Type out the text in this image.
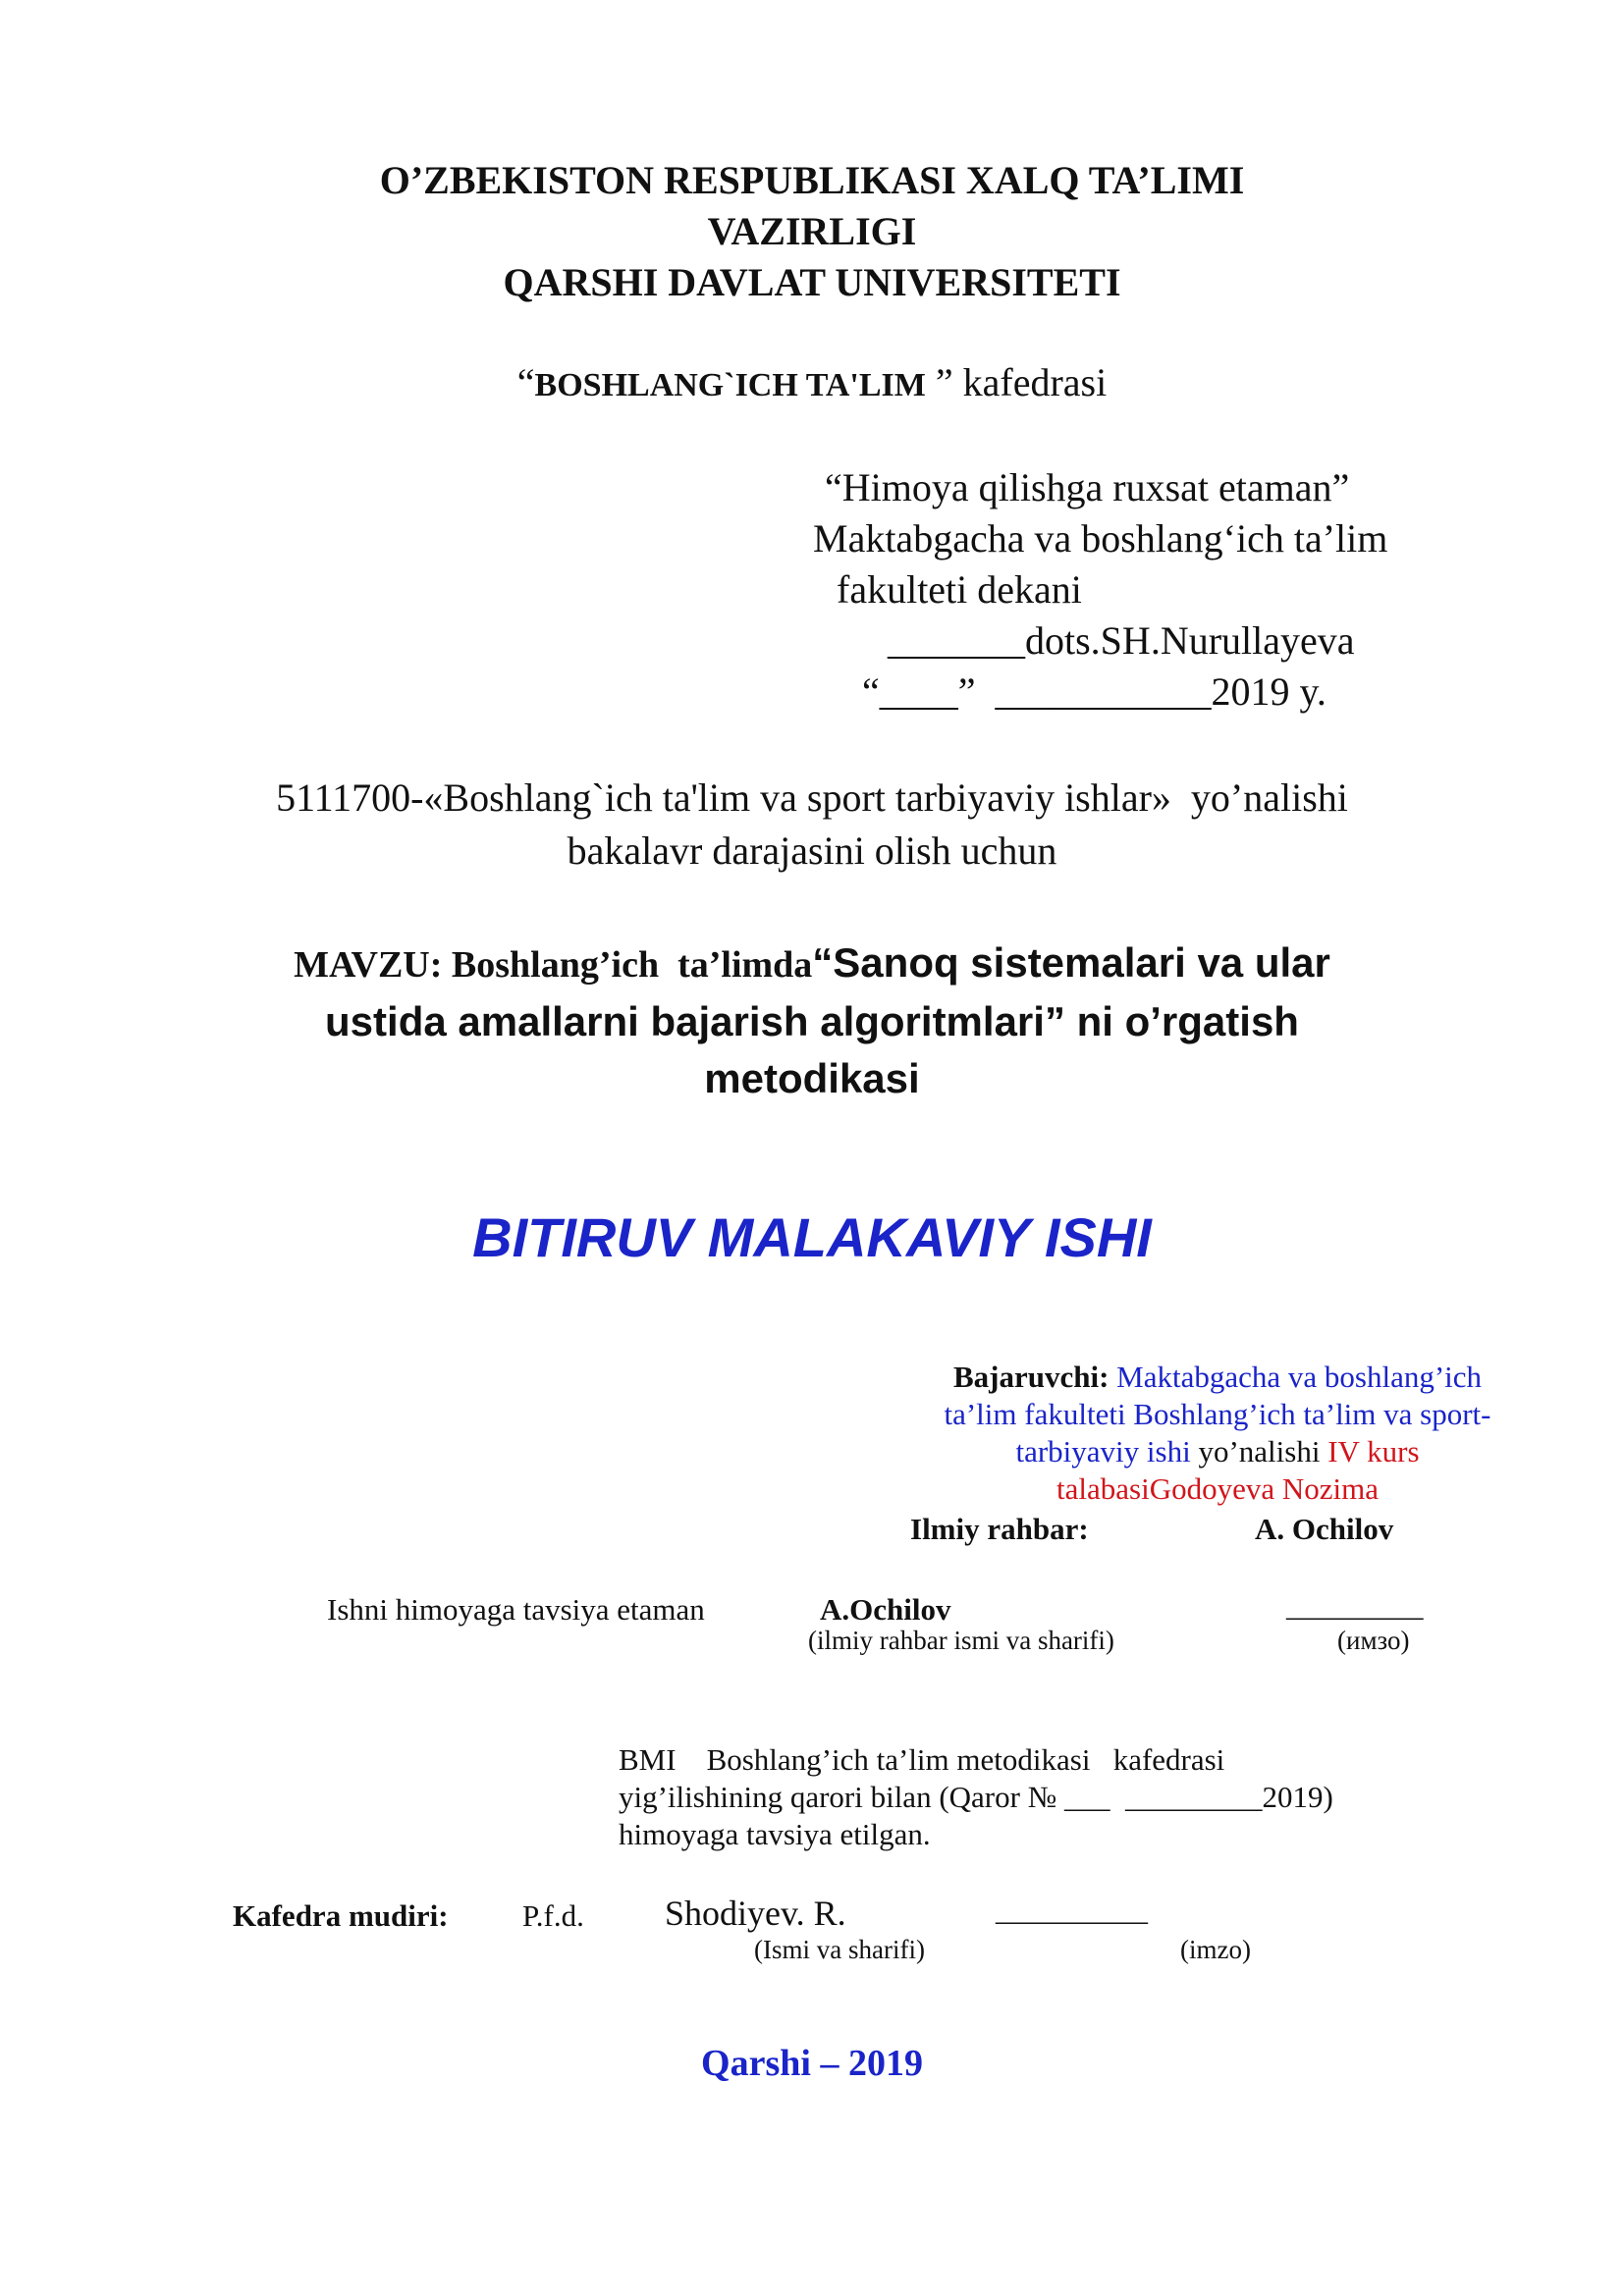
O’ZBEKISTON RESPUBLIKASI XALQ TA’LIMI
VAZIRLIGI
QARSHI DAVLAT UNIVERSITETI
“BOSHLANG`ICH TA'LIM ” kafedrasi
“Himoya qilishga ruxsat etaman”
Maktabgacha va boshlang‘ich ta’lim
fakulteti dekani
_______dots.SH.Nurullayeva
“____”  ___________2019 y.
5111700-«Boshlang`ich ta'lim va sport tarbiyaviy ishlar»  yo’nalishi
bakalavr darajasini olish uchun
MAVZU: Boshlang’ich  ta’limda“Sanoq sistemalari va ular
ustida amallarni bajarish algoritmlari” ni o’rgatish
metodikasi
BITIRUV MALAKAVIY ISHI
Bajaruvchi: Maktabgacha va boshlang’ich
ta’lim fakulteti Boshlang’ich ta’lim va sport-
tarbiyaviy ishi yo’nalishi IV kurs
talabasiGodoyeva Nozima
Ilmiy rahbar:	A. Ochilov
Ishni himoyaga tavsiya etaman	A.Ochilov
(ilmiy rahbar ismi va sharifi)
_________
(имзо)
BMI    Boshlang’ich ta’lim metodikasi   kafedrasi
yig’ilishining qarori bilan (Qaror № ___  _________2019)
himoyaga tavsiya etilgan.
Kafedra mudiri: P.f.d. Shodiyev. R.
(Ismi va sharifi)
__________
(imzo)
Qarshi – 2019
